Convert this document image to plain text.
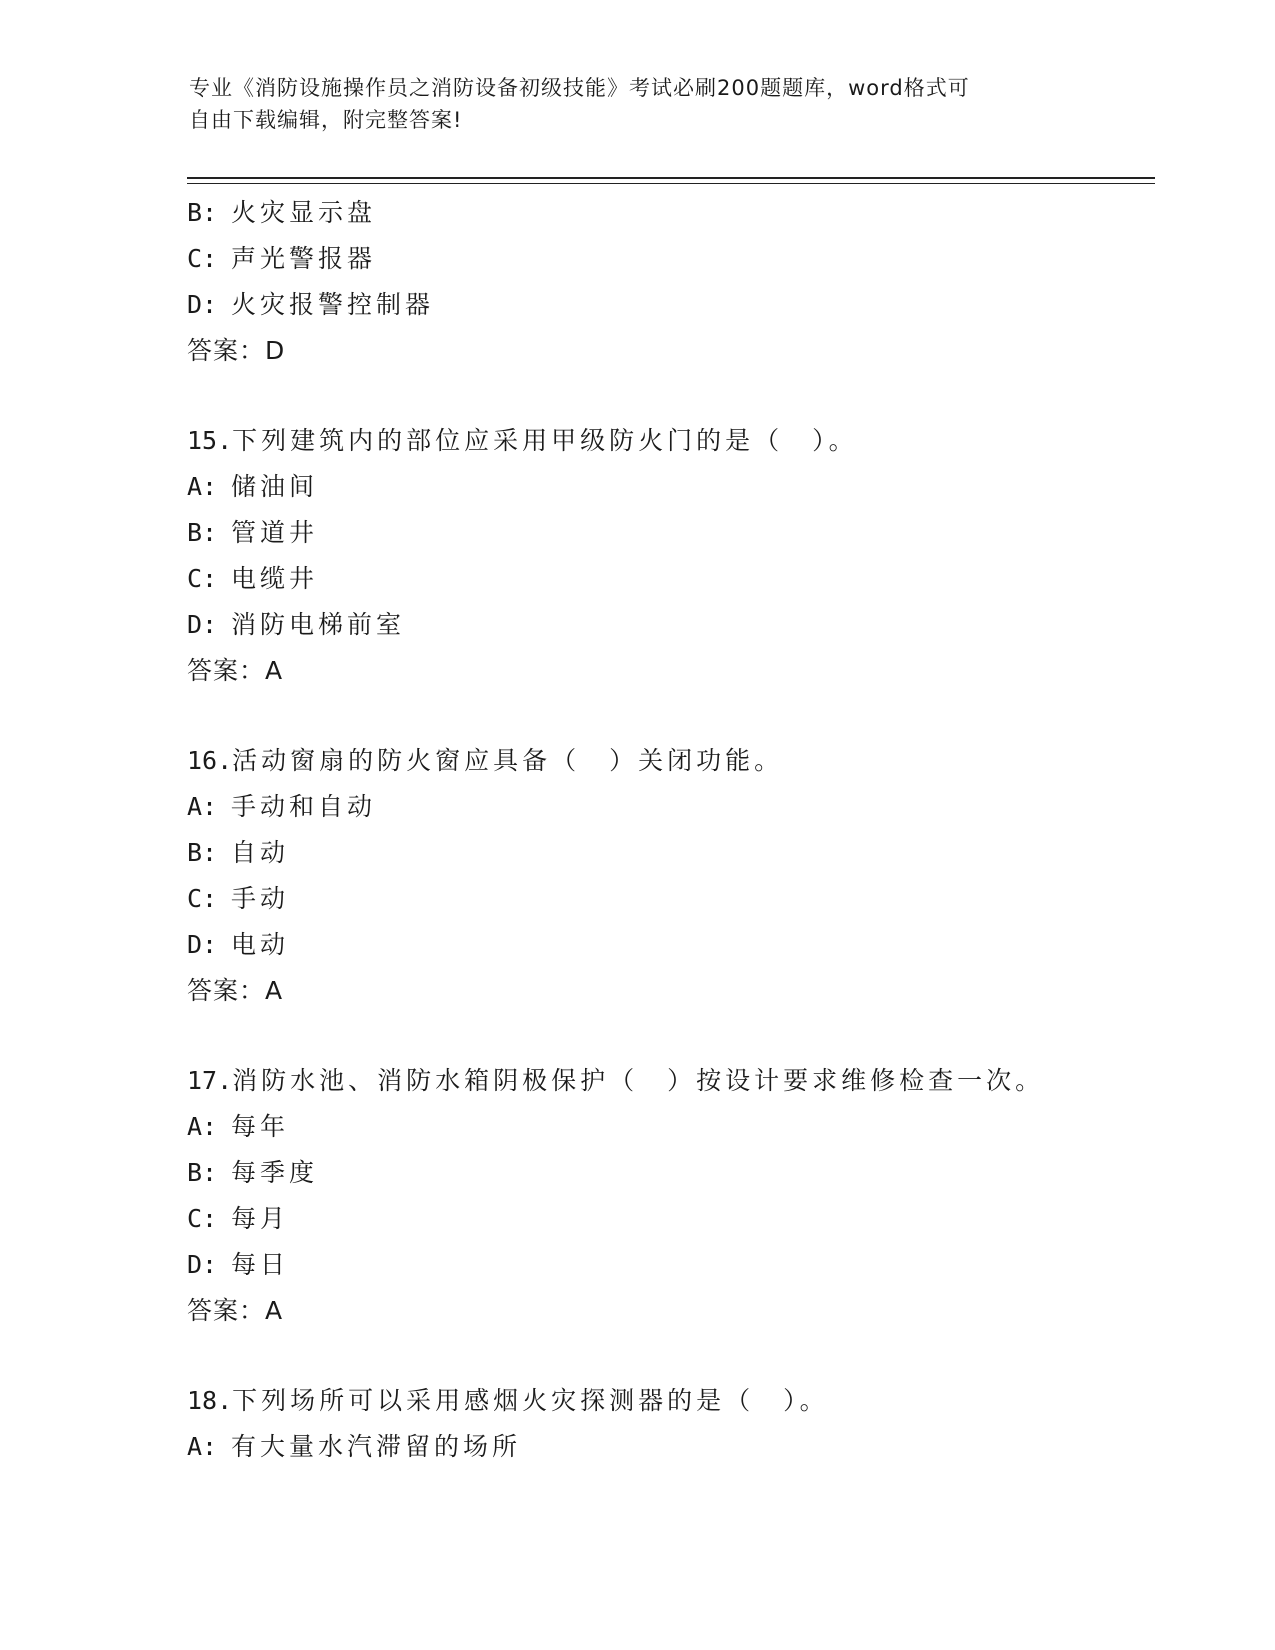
专业《消防设施操作员之消防设备初级技能》考试必刷200题题库，word格式可
自由下载编辑，附完整答案!
B: 火灾显示盘
C: 声光警报器
D: 火灾报警控制器
答案：D
15.下列建筑内的部位应采用甲级防火门的是（　）。
A: 储油间
B: 管道井
C: 电缆井
D: 消防电梯前室
答案：A
16.活动窗扇的防火窗应具备（　）关闭功能。
A: 手动和自动
B: 自动
C: 手动
D: 电动
答案：A
17.消防水池、消防水箱阴极保护（　）按设计要求维修检查一次。
A: 每年
B: 每季度
C: 每月
D: 每日
答案：A
18.下列场所可以采用感烟火灾探测器的是（　）。
A: 有大量水汽滞留的场所
